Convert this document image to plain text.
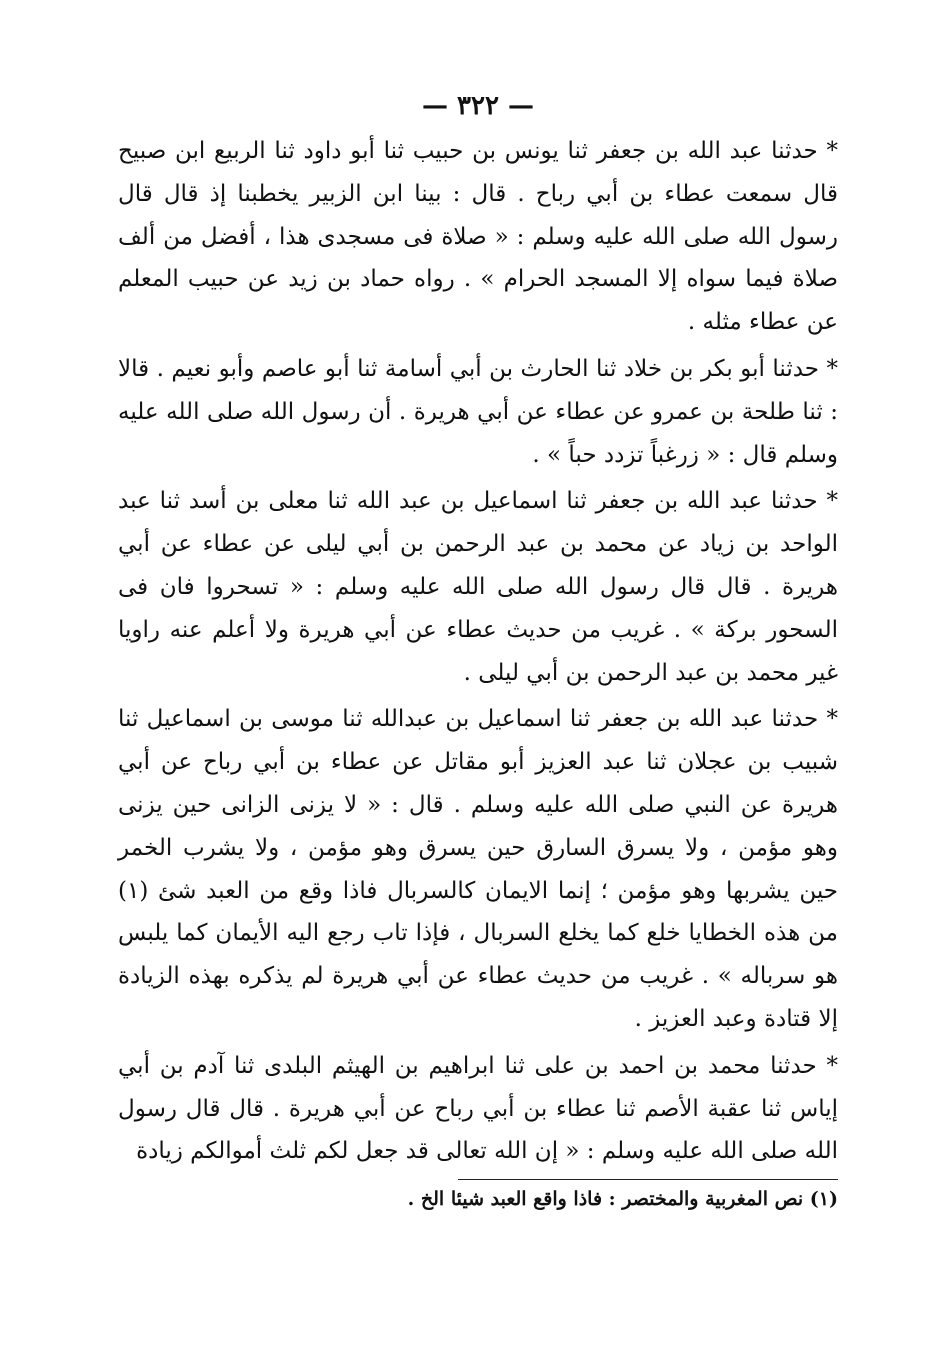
— ٣٢٢ —

* حدثنا عبد الله بن جعفر ثنا يونس بن حبيب ثنا أبو داود ثنا الربيع ابن صبيح قال سمعت عطاء بن أبي رباح . قال : بينا ابن الزبير يخطبنا إذ قال قال رسول الله صلى الله عليه وسلم : « صلاة فى مسجدى هذا ، أفضل من ألف صلاة فيما سواه إلا المسجد الحرام » . رواه حماد بن زيد عن حبيب المعلم عن عطاء مثله .

* حدثنا أبو بكر بن خلاد ثنا الحارث بن أبي أسامة ثنا أبو عاصم وأبو نعيم . قالا : ثنا طلحة بن عمرو عن عطاء عن أبي هريرة . أن رسول الله صلى الله عليه وسلم قال : « زرغباً تزدد حباً » .

* حدثنا عبد الله بن جعفر ثنا اسماعيل بن عبد الله ثنا معلى بن أسد ثنا عبد الواحد بن زياد عن محمد بن عبد الرحمن بن أبي ليلى عن عطاء عن أبي هريرة . قال قال رسول الله صلى الله عليه وسلم : « تسحروا فان فى السحور بركة » . غريب من حديث عطاء عن أبي هريرة ولا أعلم عنه راويا غير محمد بن عبد الرحمن بن أبي ليلى .

* حدثنا عبد الله بن جعفر ثنا اسماعيل بن عبدالله ثنا موسى بن اسماعيل ثنا شبيب بن عجلان ثنا عبد العزيز أبو مقاتل عن عطاء بن أبي رباح عن أبي هريرة عن النبي صلى الله عليه وسلم . قال : « لا يزنى الزانى حين يزنى وهو مؤمن ، ولا يسرق السارق حين يسرق وهو مؤمن ، ولا يشرب الخمر حين يشربها وهو مؤمن ؛ إنما الايمان كالسربال فاذا وقع من العبد شئ (١) من هذه الخطايا خلع كما يخلع السربال ، فإذا تاب رجع اليه الأيمان كما يلبس هو سرباله » . غريب من حديث عطاء عن أبي هريرة لم يذكره بهذه الزيادة إلا قتادة وعبد العزيز .

* حدثنا محمد بن احمد بن على ثنا ابراهيم بن الهيثم البلدى ثنا آدم بن أبي إياس ثنا عقبة الأصم ثنا عطاء بن أبي رباح عن أبي هريرة . قال قال رسول الله صلى الله عليه وسلم : « إن الله تعالى قد جعل لكم ثلث أموالكم زيادة

(١) نص المغربية والمختصر : فاذا واقع العبد شيئا الخ .
